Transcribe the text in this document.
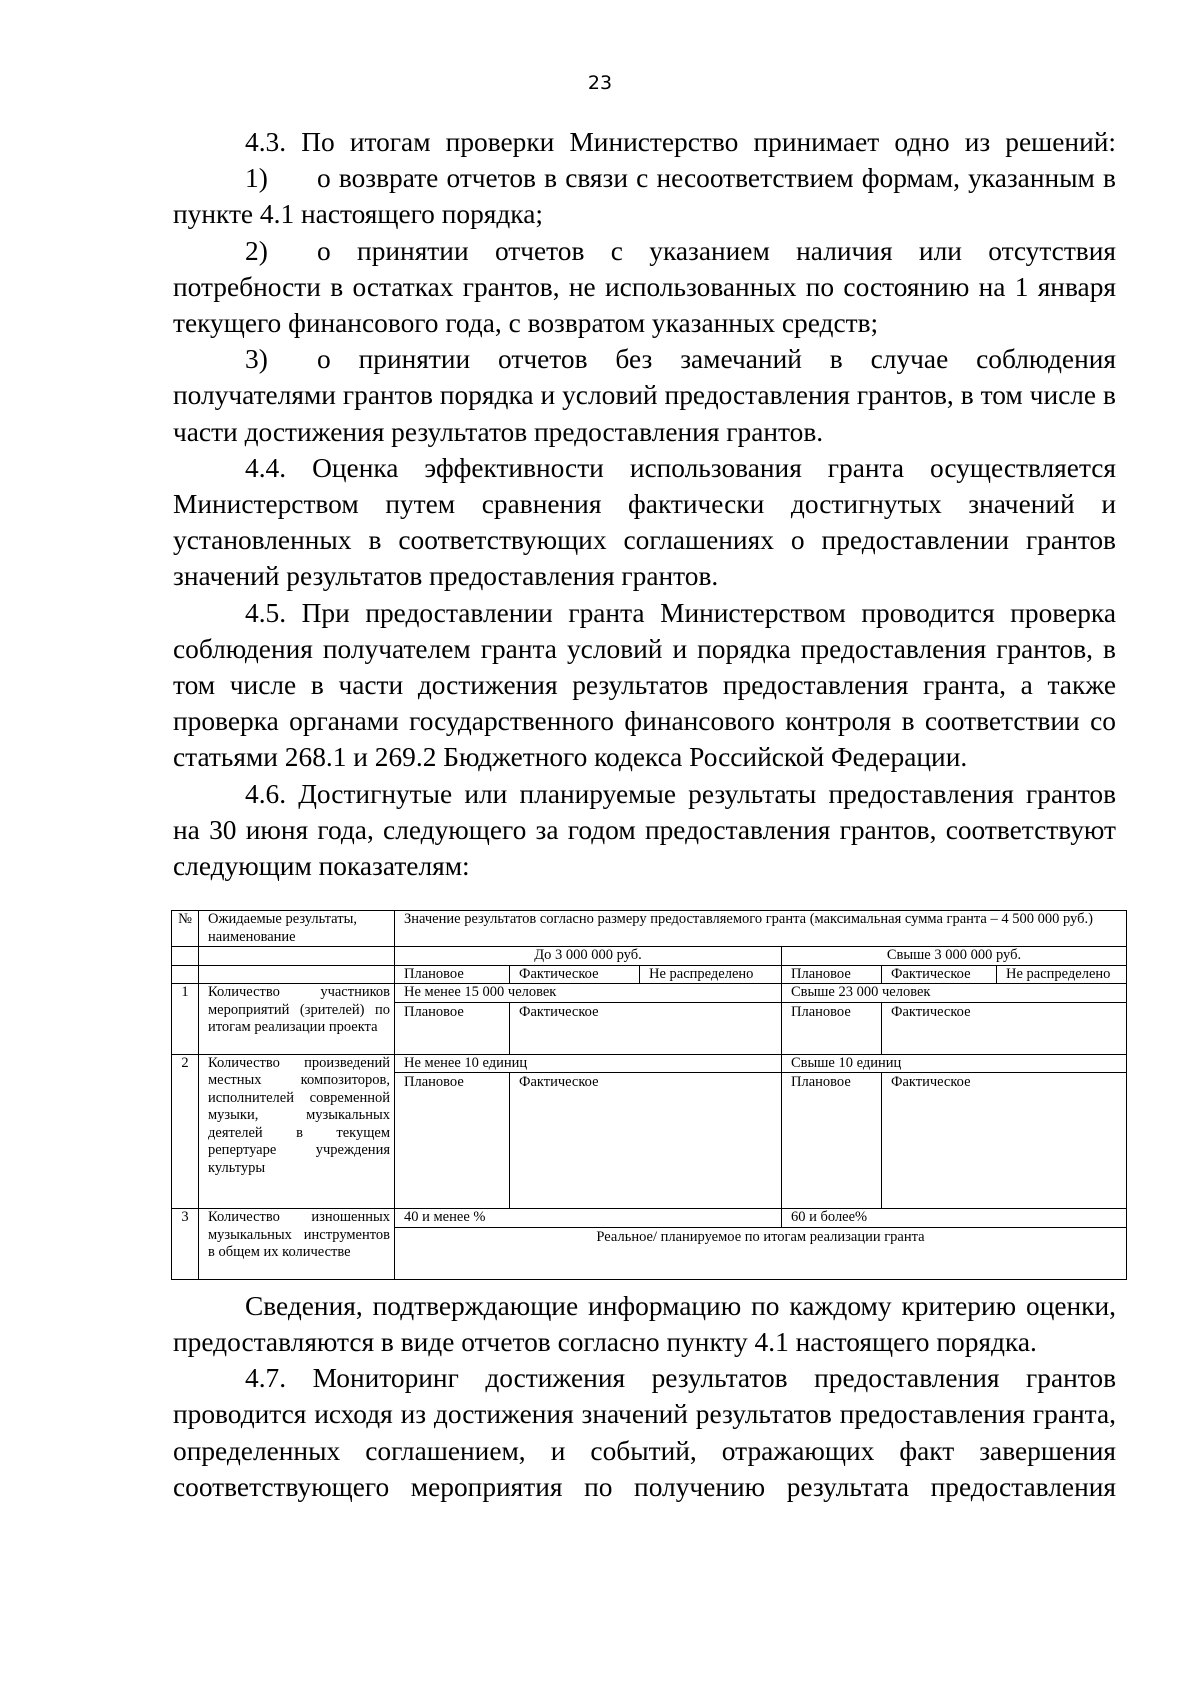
23

4.3. По итогам проверки Министерство принимает одно из решений:

1) о возврате отчетов в связи с несоответствием формам, указанным в пункте 4.1 настоящего порядка;

2) о принятии отчетов с указанием наличия или отсутствия потребности в остатках грантов, не использованных по состоянию на 1 января текущего финансового года, с возвратом указанных средств;

3) о принятии отчетов без замечаний в случае соблюдения получателями грантов порядка и условий предоставления грантов, в том числе в части достижения результатов предоставления грантов.

4.4. Оценка эффективности использования гранта осуществляется Министерством путем сравнения фактически достигнутых значений и установленных в соответствующих соглашениях о предоставлении грантов значений результатов предоставления грантов.

4.5. При предоставлении гранта Министерством проводится проверка соблюдения получателем гранта условий и порядка предоставления грантов, в том числе в части достижения результатов предоставления гранта, а также проверка органами государственного финансового контроля в соответствии со статьями 268.1 и 269.2 Бюджетного кодекса Российской Федерации.

4.6. Достигнутые или планируемые результаты предоставления грантов на 30 июня года, следующего за годом предоставления грантов, соответствуют следующим показателям:

№	Ожидаемые результаты, наименование	Значение результатов согласно размеру предоставляемого гранта (максимальная сумма гранта – 4 500 000 руб.)					
		До 3 000 000 руб.			Свыше 3 000 000 руб.		
		Плановое	Фактическое	Не распределено	Плановое	Фактическое	Не распределено
1	Количество участников мероприятий (зрителей) по итогам реализации проекта	Не менее 15 000 человек			Свыше 23 000 человек		
		Плановое	Фактическое		Плановое	Фактическое	
2	Количество произведений местных композиторов, исполнителей современной музыки, музыкальных деятелей в текущем репертуаре учреждения культуры	Не менее 10 единиц			Свыше 10 единиц		
		Плановое	Фактическое		Плановое	Фактическое	
3	Количество изношенных музыкальных инструментов в общем их количестве	40 и менее %			60 и более%		
		Реальное/ планируемое по итогам реализации гранта					

Сведения, подтверждающие информацию по каждому критерию оценки, предоставляются в виде отчетов согласно пункту 4.1 настоящего порядка.

4.7. Мониторинг достижения результатов предоставления грантов проводится исходя из достижения значений результатов предоставления гранта, определенных соглашением, и событий, отражающих факт завершения соответствующего мероприятия по получению результата предоставления
